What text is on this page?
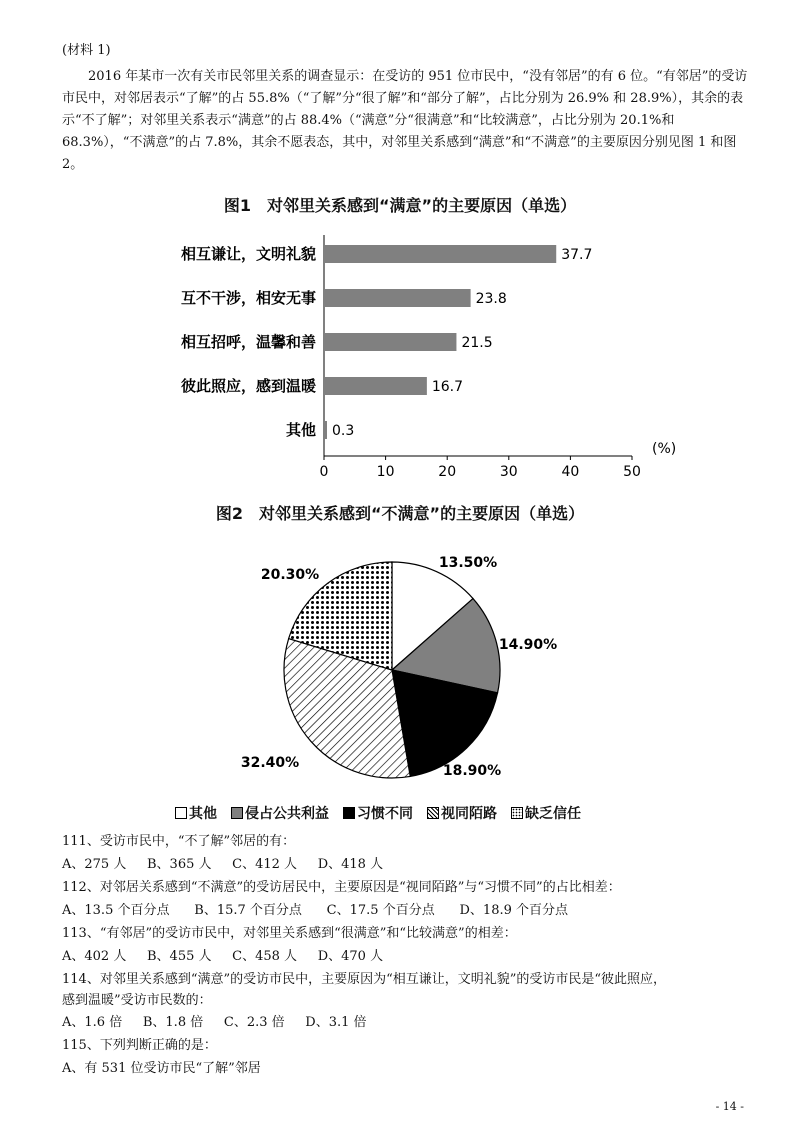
(材料 1)
2016 年某市一次有关市民邻里关系的调查显示：在受访的 951 位市民中，“没有邻居”的有 6 位。“有邻居”的受访市民中，对邻居表示“了解”的占 55.8%（“了解”分“很了解”和“部分了解”，占比分别为 26.9% 和 28.9%），其余的表示“不了解”；对邻里关系表示“满意”的占 88.4%（“满意”分“很满意”和“比较满意”，占比分别为 20.1%和 68.3%），“不满意”的占 7.8%，其余不愿表态，其中，对邻里关系感到“满意”和“不满意”的主要原因分别见图 1 和图 2。
图1　对邻里关系感到“满意”的主要原因（单选）
0	10	20	30	40	50
(%)
相互谦让，文明礼貌	37.7
互不干涉，相安无事	23.8
相互招呼，温馨和善	21.5
彼此照应，感到温暖	16.7
其他 0.3
图2　对邻里关系感到“不满意”的主要原因（单选）
13.50%
14.90%
18.90%
32.40%
20.30%
其他 侵占公共利益 习惯不同 视同陌路 缺乏信任
111、受访市民中，“不了解”邻居的有：
A、275 人     B、365 人     C、412 人     D、418 人
112、对邻居关系感到“不满意”的受访居民中，主要原因是“视同陌路”与“习惯不同”的占比相差：
A、13.5 个百分点      B、15.7 个百分点      C、17.5 个百分点      D、18.9 个百分点
113、“有邻居”的受访市民中，对邻里关系感到“很满意”和“比较满意”的相差：
A、402 人     B、455 人     C、458 人     D、470 人
114、对邻里关系感到“满意”的受访市民中，主要原因为“相互谦让，文明礼貌”的受访市民是“彼此照应，
感到温暖”受访市民数的：
A、1.6 倍     B、1.8 倍     C、2.3 倍     D、3.1 倍
115、下列判断正确的是：
A、有 531 位受访市民“了解”邻居
- 14 -
